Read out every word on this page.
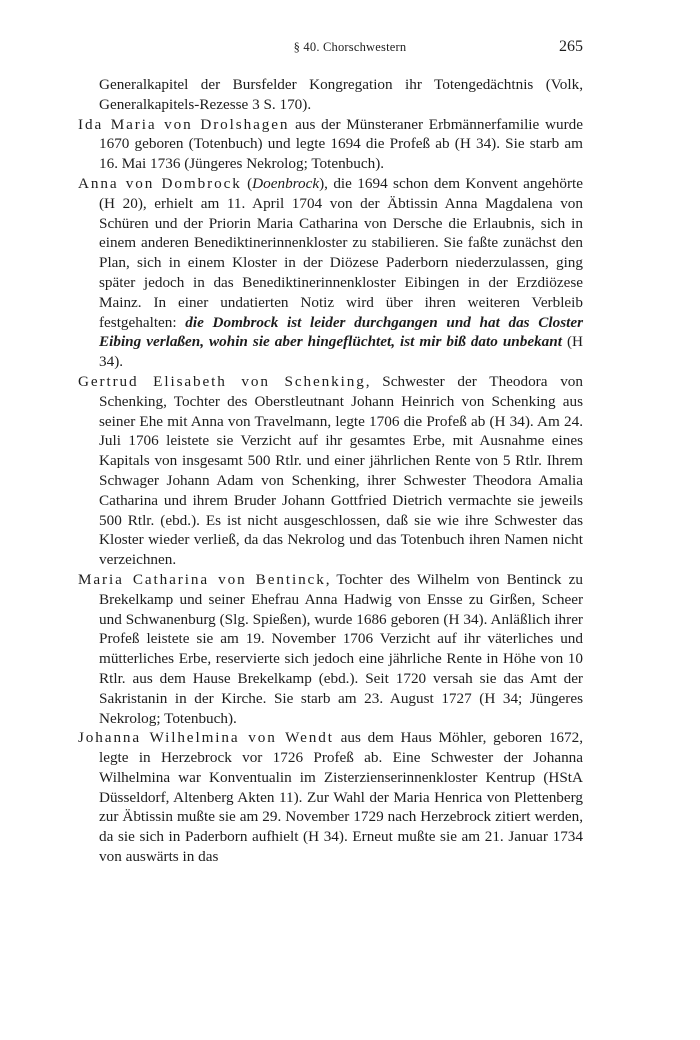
§ 40. Chorschwestern	265

Generalkapitel der Bursfelder Kongregation ihr Totengedächtnis (Volk, Generalkapitels-Rezesse 3 S. 170).

Ida Maria von Drolshagen aus der Münsteraner Erbmännerfamilie wurde 1670 geboren (Totenbuch) und legte 1694 die Profeß ab (H 34). Sie starb am 16. Mai 1736 (Jüngeres Nekrolog; Totenbuch).

Anna von Dombrock (Doenbrock), die 1694 schon dem Konvent angehörte (H 20), erhielt am 11. April 1704 von der Äbtissin Anna Magdalena von Schüren und der Priorin Maria Catharina von Dersche die Erlaubnis, sich in einem anderen Benediktinerinnenkloster zu stabilieren. Sie faßte zunächst den Plan, sich in einem Kloster in der Diözese Paderborn niederzulassen, ging später jedoch in das Benediktinerinnenkloster Eibingen in der Erzdiözese Mainz. In einer undatierten Notiz wird über ihren weiteren Verbleib festgehalten: die Dombrock ist leider durchgangen und hat das Closter Eibing verlaßen, wohin sie aber hingeflüchtet, ist mir biß dato unbekant (H 34).

Gertrud Elisabeth von Schenking, Schwester der Theodora von Schenking, Tochter des Oberstleutnant Johann Heinrich von Schenking aus seiner Ehe mit Anna von Travelmann, legte 1706 die Profeß ab (H 34). Am 24. Juli 1706 leistete sie Verzicht auf ihr gesamtes Erbe, mit Ausnahme eines Kapitals von insgesamt 500 Rtlr. und einer jährlichen Rente von 5 Rtlr. Ihrem Schwager Johann Adam von Schenking, ihrer Schwester Theodora Amalia Catharina und ihrem Bruder Johann Gottfried Dietrich vermachte sie jeweils 500 Rtlr. (ebd.). Es ist nicht ausgeschlossen, daß sie wie ihre Schwester das Kloster wieder verließ, da das Nekrolog und das Totenbuch ihren Namen nicht verzeichnen.

Maria Catharina von Bentinck, Tochter des Wilhelm von Bentinck zu Brekelkamp und seiner Ehefrau Anna Hadwig von Ensse zu Girßen, Scheer und Schwanenburg (Slg. Spießen), wurde 1686 geboren (H 34). Anläßlich ihrer Profeß leistete sie am 19. November 1706 Verzicht auf ihr väterliches und mütterliches Erbe, reservierte sich jedoch eine jährliche Rente in Höhe von 10 Rtlr. aus dem Hause Brekelkamp (ebd.). Seit 1720 versah sie das Amt der Sakristanin in der Kirche. Sie starb am 23. August 1727 (H 34; Jüngeres Nekrolog; Totenbuch).

Johanna Wilhelmina von Wendt aus dem Haus Möhler, geboren 1672, legte in Herzebrock vor 1726 Profeß ab. Eine Schwester der Johanna Wilhelmina war Konventualin im Zisterzienserinnenkloster Kentrup (HStA Düsseldorf, Altenberg Akten 11). Zur Wahl der Maria Henrica von Plettenberg zur Äbtissin mußte sie am 29. November 1729 nach Herzebrock zitiert werden, da sie sich in Paderborn aufhielt (H 34). Erneut mußte sie am 21. Januar 1734 von auswärts in das
